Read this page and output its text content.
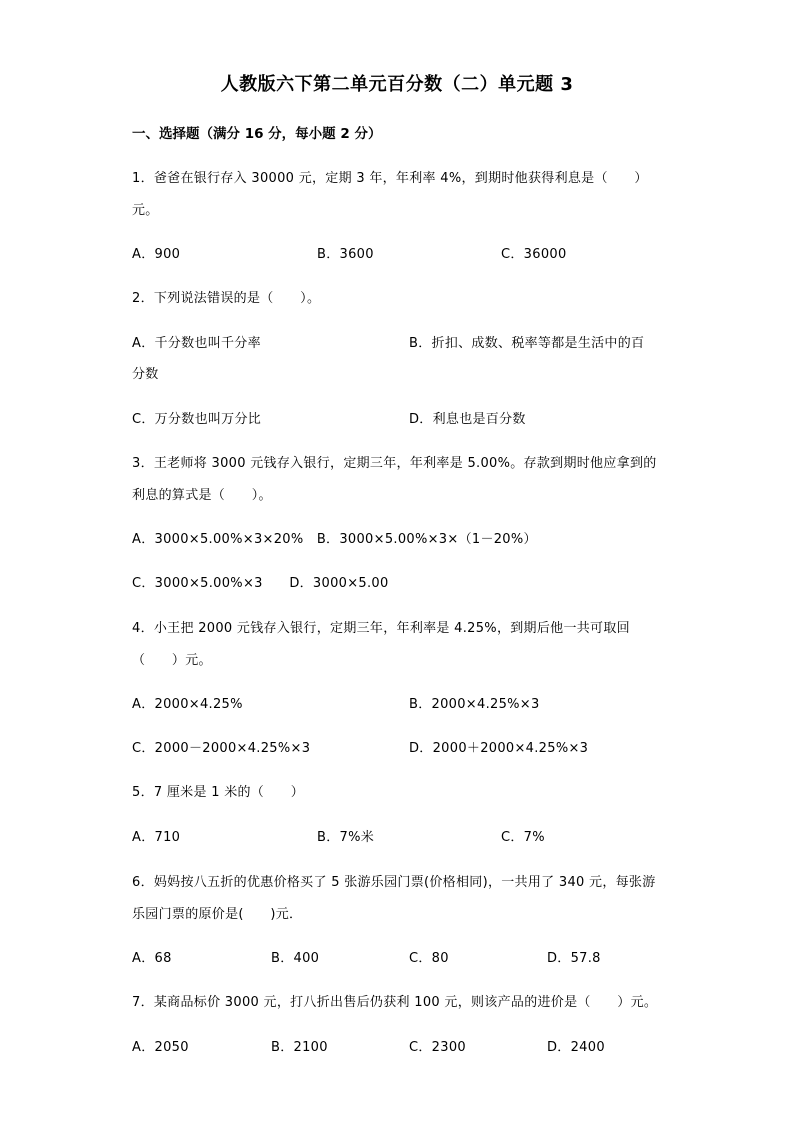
人教版六下第二单元百分数（二）单元题 3
一、选择题（满分 16 分，每小题 2 分）
1．爸爸在银行存入 30000 元，定期 3 年，年利率 4%，到期时他获得利息是（　　）
元。
A．900	B．3600	C．36000
2．下列说法错误的是（　　）。
A．千分数也叫千分率	B．折扣、成数、税率等都是生活中的百
分数
C．万分数也叫万分比	D．利息也是百分数
3．王老师将 3000 元钱存入银行，定期三年，年利率是 5.00%。存款到期时他应拿到的
利息的算式是（　　）。
A．3000×5.00%×3×20%　B．3000×5.00%×3×（1－20%）
C．3000×5.00%×3　　D．3000×5.00
4．小王把 2000 元钱存入银行，定期三年，年利率是 4.25%，到期后他一共可取回
（　　）元。
A．2000×4.25%	B．2000×4.25%×3
C．2000－2000×4.25%×3	D．2000＋2000×4.25%×3
5．7 厘米是 1 米的（　　）
A．710	B．7%米	C．7%
6．妈妈按八五折的优惠价格买了 5 张游乐园门票(价格相同)，一共用了 340 元，每张游
乐园门票的原价是(　　)元．
A．68	B．400	C．80	D．57.8
7．某商品标价 3000 元，打八折出售后仍获利 100 元，则该产品的进价是（　　）元。
A．2050	B．2100	C．2300	D．2400
